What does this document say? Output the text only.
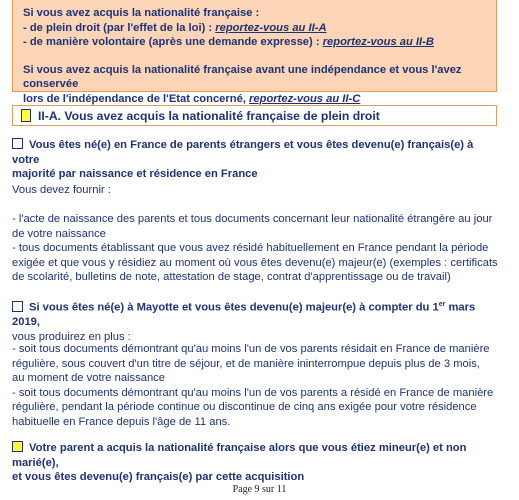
Si vous avez acquis la nationalité française :
- de plein droit (par l'effet de la loi) : reportez-vous au II-A
- de manière volontaire (après une demande expresse) : reportez-vous au II-B
Si vous avez acquis la nationalité française avant une indépendance et vous l'avez conservée
lors de l'indépendance de l'Etat concerné, reportez-vous au II-C
II-A. Vous avez acquis la nationalité française de plein droit
Vous êtes né(e) en France de parents étrangers et vous êtes devenu(e) français(e) à votre
majorité par naissance et résidence en France
Vous devez fournir :
- l'acte de naissance des parents et tous documents concernant leur nationalité étrangère au jour
de votre naissance
- tous documents établissant que vous avez résidé habituellement en France pendant la période
exigée et que vous y résidiez au moment où vous êtes devenu(e) majeur(e) (exemples : certificats
de scolarité, bulletins de note, attestation de stage, contrat d'apprentissage ou de travail)
Si vous êtes né(e) à Mayotte et vous êtes devenu(e) majeur(e) à compter du 1er mars 2019,
vous produirez en plus :
- soit tous documents démontrant qu'au moins l'un de vos parents résidait en France de manière
régulière, sous couvert d'un titre de séjour, et de manière ininterrompue depuis plus de 3 mois,
au moment de votre naissance
- soit tous documents démontrant qu'au moins l'un de vos parents a résidé en France de manière
régulière, pendant la période continue ou discontinue de cinq ans exigée pour votre résidence
habituelle en France depuis l'âge de 11 ans.
Votre parent a acquis la nationalité française alors que vous étiez mineur(e) et non marié(e),
et vous êtes devenu(e) français(e) par cette acquisition
Page 9 sur 11
